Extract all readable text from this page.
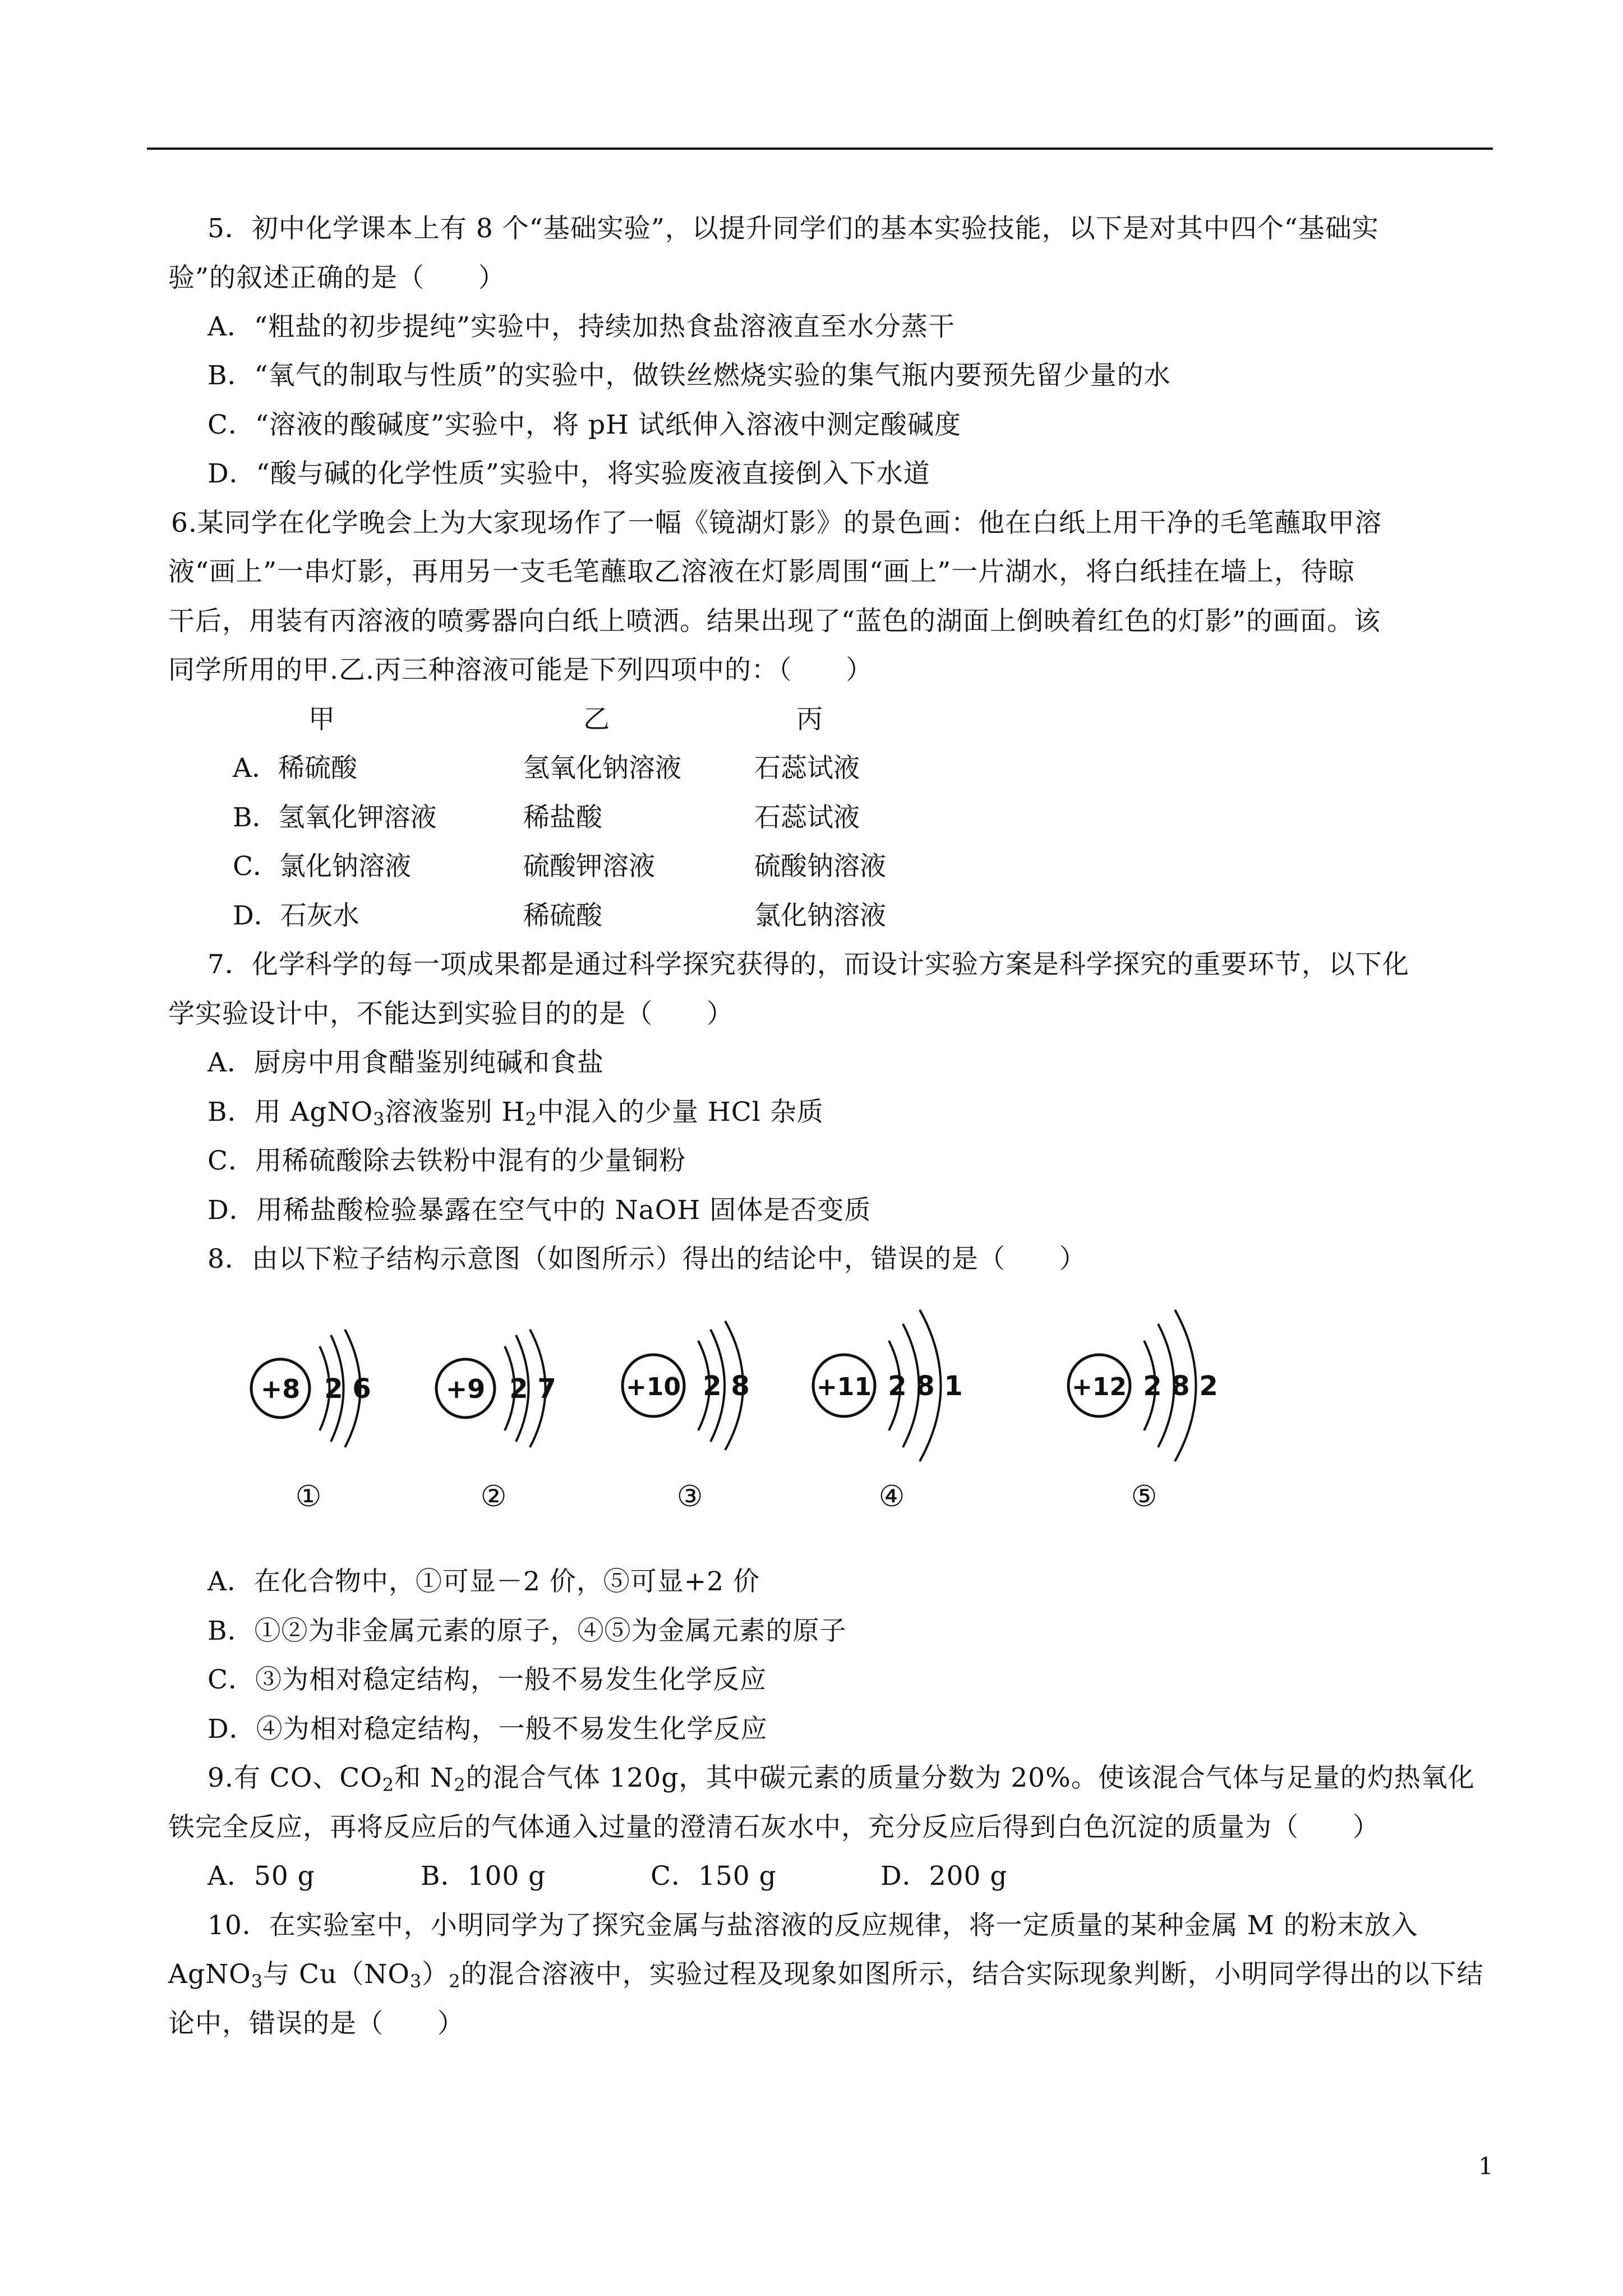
5．初中化学课本上有 8 个“基础实验”，以提升同学们的基本实验技能，以下是对其中四个“基础实
验”的叙述正确的是（　　）
A．“粗盐的初步提纯”实验中，持续加热食盐溶液直至水分蒸干
B．“氧气的制取与性质”的实验中，做铁丝燃烧实验的集气瓶内要预先留少量的水
C．“溶液的酸碱度”实验中，将 pH 试纸伸入溶液中测定酸碱度
D．“酸与碱的化学性质”实验中，将实验废液直接倒入下水道
6.某同学在化学晚会上为大家现场作了一幅《镜湖灯影》的景色画：他在白纸上用干净的毛笔蘸取甲溶
液“画上”一串灯影，再用另一支毛笔蘸取乙溶液在灯影周围“画上”一片湖水，将白纸挂在墙上，待晾
干后，用装有丙溶液的喷雾器向白纸上喷洒。结果出现了“蓝色的湖面上倒映着红色的灯影”的画面。该
同学所用的甲.乙.丙三种溶液可能是下列四项中的：（　　）
甲	乙	丙
A．稀硫酸	氢氧化钠溶液	石蕊试液
B．氢氧化钾溶液	稀盐酸	石蕊试液
C．氯化钠溶液	硫酸钾溶液	硫酸钠溶液
D．石灰水	稀硫酸	氯化钠溶液
7．化学科学的每一项成果都是通过科学探究获得的，而设计实验方案是科学探究的重要环节，以下化
学实验设计中，不能达到实验目的的是（　　）
A．厨房中用食醋鉴别纯碱和食盐
B．用 AgNO$_3$溶液鉴别 $H_2$中混入的少量 HCl 杂质
C．用稀硫酸除去铁粉中混有的少量铜粉
D．用稀盐酸检验暴露在空气中的 NaOH 固体是否变质
8．由以下粒子结构示意图（如图所示）得出的结论中，错误的是（　　）
+8 2 6
①
+9 2 7
②
+10 2 8
③
+11 2 8 1
④
+12 2 8 2
⑤
A．在化合物中，①可显－2 价，⑤可显+2 价
B．①②为非金属元素的原子，④⑤为金属元素的原子
C．③为相对稳定结构，一般不易发生化学反应
D．④为相对稳定结构，一般不易发生化学反应
9.有 CO、$CO_2$和 $N_2$的混合气体 120g，其中碳元素的质量分数为 20%。使该混合气体与足量的灼热氧化
铁完全反应，再将反应后的气体通入过量的澄清石灰水中，充分反应后得到白色沉淀的质量为（　　）
A．50 g	B．100 g	C．150 g	D．200 g
10．在实验室中，小明同学为了探究金属与盐溶液的反应规律，将一定质量的某种金属 M 的粉末放入
AgNO$_3$与 $Cu(NO_3)_2$的混合溶液中，实验过程及现象如图所示，结合实际现象判断，小明同学得出的以下结
论中，错误的是（　　）
1
